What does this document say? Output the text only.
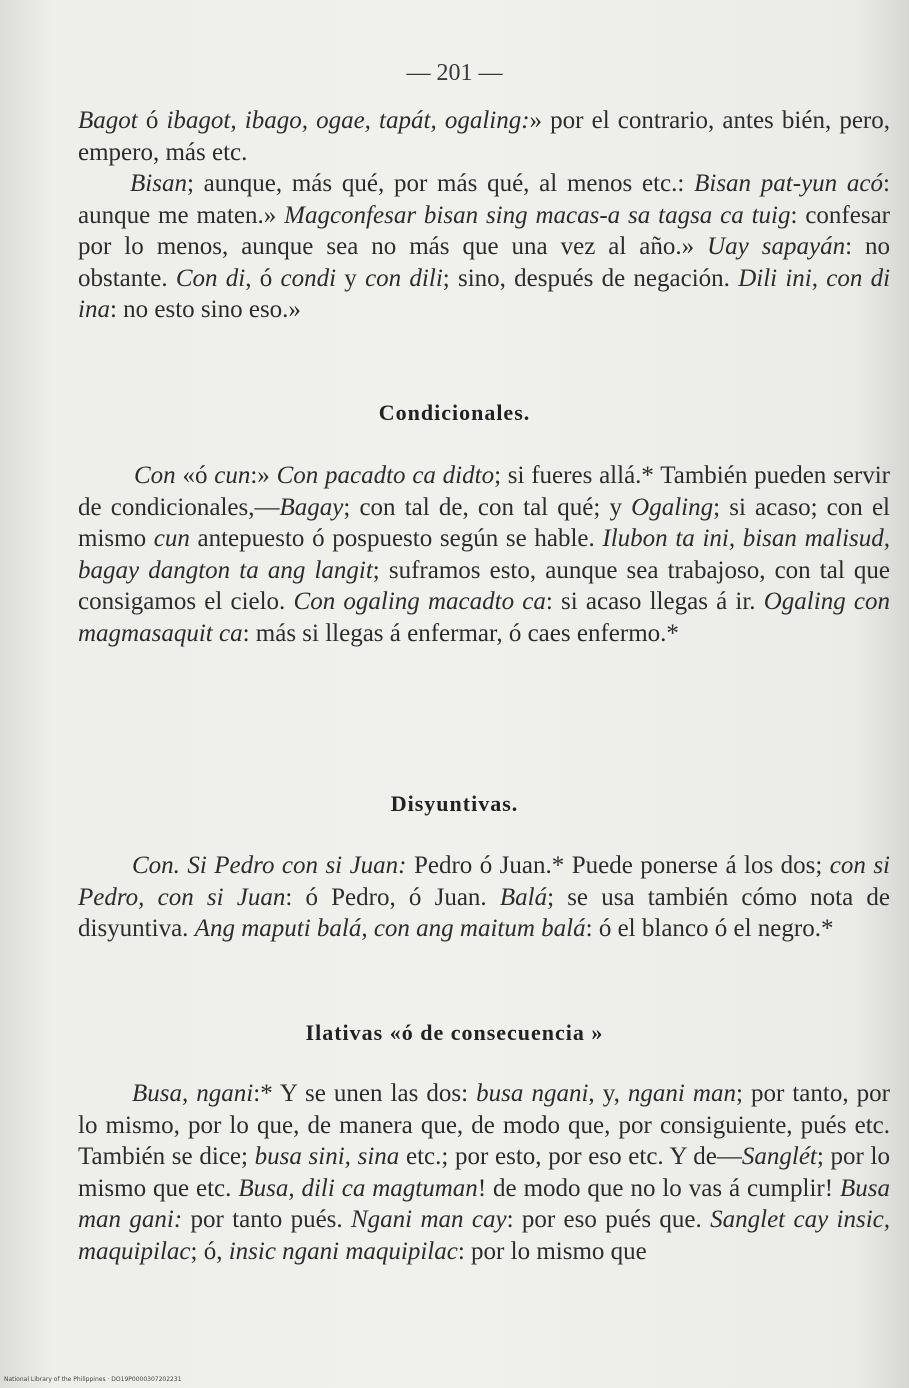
— 201 —
Bagot ó ibagot, ibago, ogae, tapát, ogaling:» por el contrario, antes bién, pero, empero, más etc.
Bisan; aunque, más qué, por más qué, al menos etc.: Bisan pat-yun acó: aunque me maten.» Magconfesar bisan sing macas-a sa tagsa ca tuig: confesar por lo menos, aunque sea no más que una vez al año.» Uay sapayán: no obstante. Con di, ó condi y con dili; sino, después de negación. Dili ini, con di ina: no esto sino eso.»
Condicionales.
Con «ó cun:» Con pacadto ca didto; si fueres allá.* También pueden servir de condicionales,—Bagay; con tal de, con tal qué; y Ogaling; si acaso; con el mismo cun antepuesto ó pospuesto según se hable. Ilubon ta ini, bisan malisud, bagay dangton ta ang langit; suframos esto, aunque sea trabajoso, con tal que consigamos el cielo. Con ogaling macadto ca: si acaso llegas á ir. Ogaling con magmasaquit ca: más si llegas á enfermar, ó caes enfermo.*
Disyuntivas.
Con. Si Pedro con si Juan: Pedro ó Juan.* Puede ponerse á los dos; con si Pedro, con si Juan: ó Pedro, ó Juan. Balá; se usa también cómo nota de disyuntiva. Ang maputi balá, con ang maitum balá: ó el blanco ó el negro.*
Ilativas «ó de consecuencia »
Busa, ngani:* Y se unen las dos: busa ngani, y, ngani man; por tanto, por lo mismo, por lo que, de manera que, de modo que, por consiguiente, pués etc. También se dice; busa sini, sina etc.; por esto, por eso etc. Y de—Sanglét; por lo mismo que etc. Busa, dili ca magtuman! de modo que no lo vas á cumplir! Busa man gani: por tanto pués. Ngani man cay: por eso pués que. Sanglet cay insic, maquipilac; ó, insic ngani maquipilac: por lo mismo que
National Library of the Philippines · DO19P0000307202231
